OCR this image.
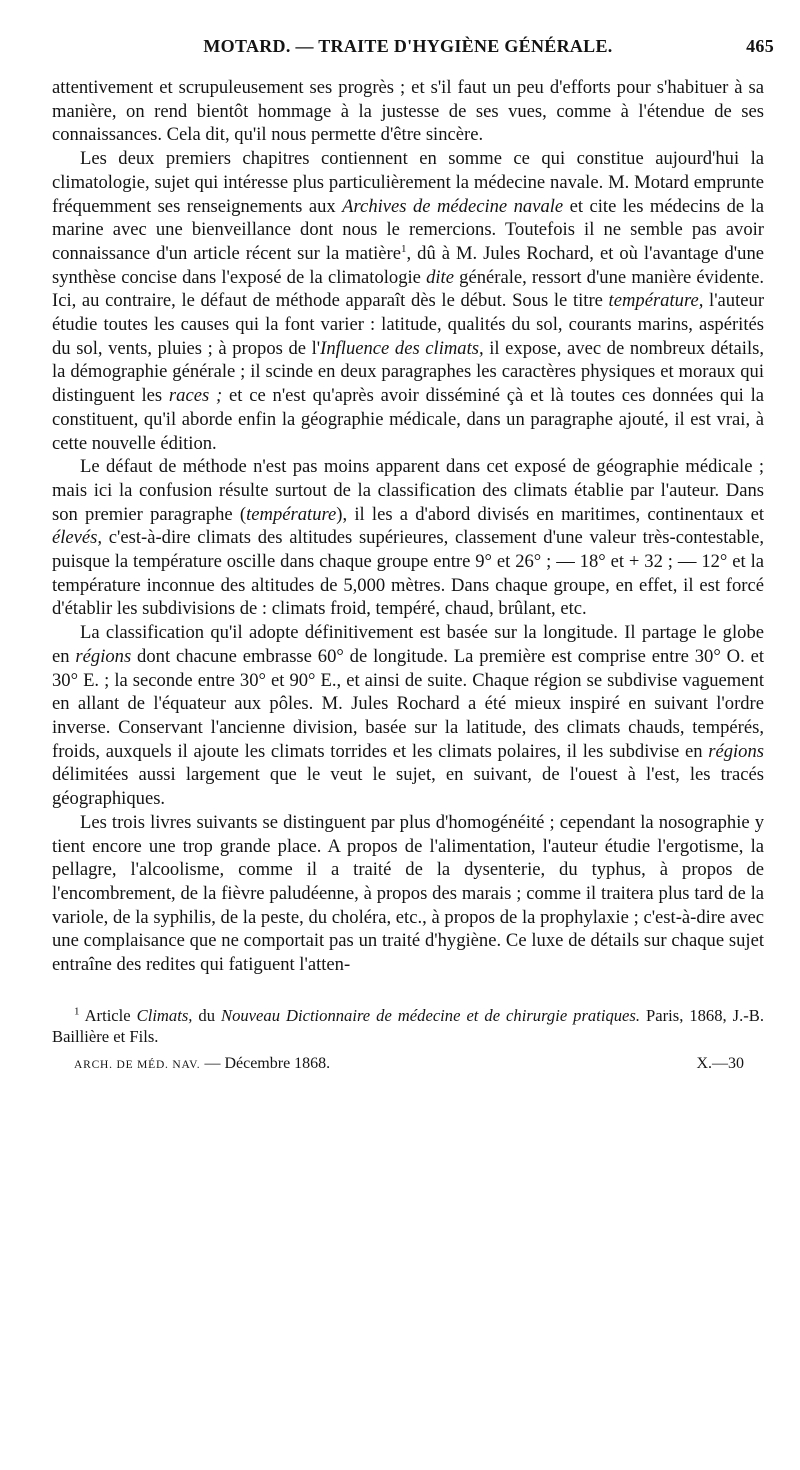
MOTARD. — TRAITE D'HYGIÈNE GÉNÉRALE.	465

attentivement et scrupuleusement ses progrès ; et s'il faut un peu d'efforts pour s'habituer à sa manière, on rend bientôt hommage à la justesse de ses vues, comme à l'étendue de ses connaissances. Cela dit, qu'il nous permette d'être sincère.

Les deux premiers chapitres contiennent en somme ce qui constitue aujourd'hui la climatologie, sujet qui intéresse plus particulièrement la médecine navale. M. Motard emprunte fréquemment ses renseignements aux Archives de médecine navale et cite les médecins de la marine avec une bienveillance dont nous le remercions. Toutefois il ne semble pas avoir connaissance d'un article récent sur la matière$^1$, dû à M. Jules Rochard, et où l'avantage d'une synthèse concise dans l'exposé de la climatologie dite générale, ressort d'une manière évidente. Ici, au contraire, le défaut de méthode apparaît dès le début. Sous le titre température, l'auteur étudie toutes les causes qui la font varier : latitude, qualités du sol, courants marins, aspérités du sol, vents, pluies ; à propos de l'Influence des climats, il expose, avec de nombreux détails, la démographie générale ; il scinde en deux paragraphes les caractères physiques et moraux qui distinguent les races ; et ce n'est qu'après avoir disséminé çà et là toutes ces données qui la constituent, qu'il aborde enfin la géographie médicale, dans un paragraphe ajouté, il est vrai, à cette nouvelle édition.

Le défaut de méthode n'est pas moins apparent dans cet exposé de géographie médicale ; mais ici la confusion résulte surtout de la classification des climats établie par l'auteur. Dans son premier paragraphe (température), il les a d'abord divisés en maritimes, continentaux et élevés, c'est-à-dire climats des altitudes supérieures, classement d'une valeur très-contestable, puisque la température oscille dans chaque groupe entre 9° et 26° ; — 18° et + 32 ; — 12° et la température inconnue des altitudes de 5,000 mètres. Dans chaque groupe, en effet, il est forcé d'établir les subdivisions de : climats froid, tempéré, chaud, brûlant, etc.

La classification qu'il adopte définitivement est basée sur la longitude. Il partage le globe en régions dont chacune embrasse 60° de longitude. La première est comprise entre 30° O. et 30° E. ; la seconde entre 30° et 90° E., et ainsi de suite. Chaque région se subdivise vaguement en allant de l'équateur aux pôles. M. Jules Rochard a été mieux inspiré en suivant l'ordre inverse. Conservant l'ancienne division, basée sur la latitude, des climats chauds, tempérés, froids, auxquels il ajoute les climats torrides et les climats polaires, il les subdivise en régions délimitées aussi largement que le veut le sujet, en suivant, de l'ouest à l'est, les tracés géographiques.

Les trois livres suivants se distinguent par plus d'homogénéité ; cependant la nosographie y tient encore une trop grande place. A propos de l'alimentation, l'auteur étudie l'ergotisme, la pellagre, l'alcoolisme, comme il a traité de la dysenterie, du typhus, à propos de l'encombrement, de la fièvre paludéenne, à propos des marais ; comme il traitera plus tard de la variole, de la syphilis, de la peste, du choléra, etc., à propos de la prophylaxie ; c'est-à-dire avec une complaisance que ne comportait pas un traité d'hygiène. Ce luxe de détails sur chaque sujet entraîne des redites qui fatiguent l'atten-

$^1$ Article Climats, du Nouveau Dictionnaire de médecine et de chirurgie pratiques. Paris, 1868, J.-B. Baillière et Fils.
ARCH. DE MÉD. NAV. — Décembre 1868.	X.—30
